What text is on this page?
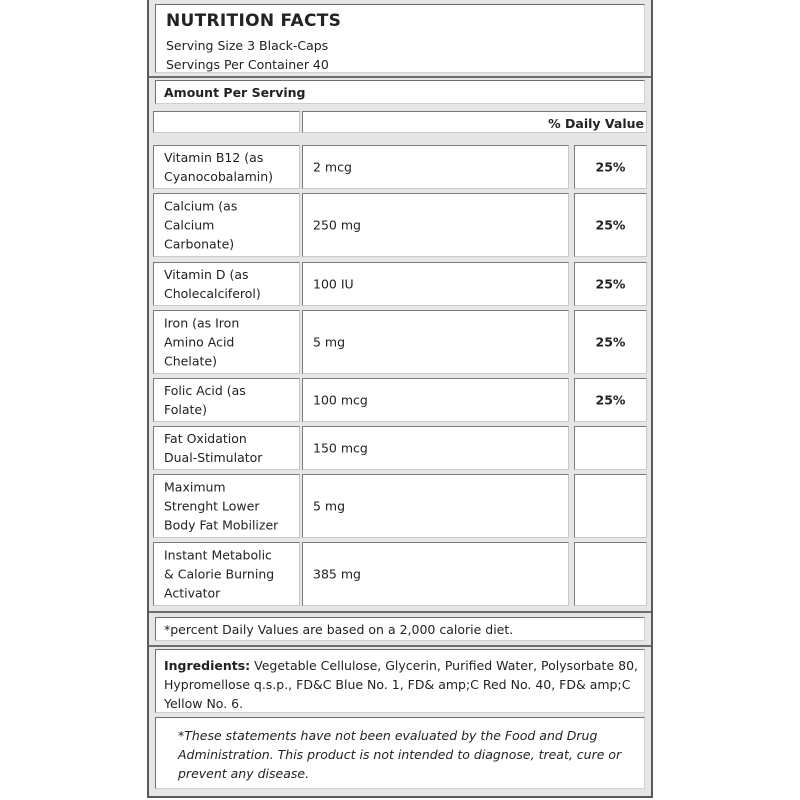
NUTRITION FACTS
Serving Size 3 Black-Caps
Servings Per Container 40
Amount Per Serving
% Daily Value
Vitamin B12 (as
Cyanocobalamin)
2 mcg	25%
Calcium (as
Calcium
Carbonate)
250 mg	25%
Vitamin D (as
Cholecalciferol)
100 IU	25%
Iron (as Iron
Amino Acid
Chelate)
5 mg	25%
Folic Acid (as
Folate)
100 mcg	25%
Fat Oxidation
Dual-Stimulator
150 mcg
Maximum
Strenght Lower
Body Fat Mobilizer
5 mg
Instant Metabolic
& Calorie Burning
Activator
385 mg
*percent Daily Values are based on a 2,000 calorie diet.
Ingredients: Vegetable Cellulose, Glycerin, Purified Water, Polysorbate 80, Hypromellose q.s.p., FD&C Blue No. 1, FD& amp;C Red No. 40, FD& amp;C Yellow No. 6.
*These statements have not been evaluated by the Food and Drug Administration. This product is not intended to diagnose, treat, cure or prevent any disease.
